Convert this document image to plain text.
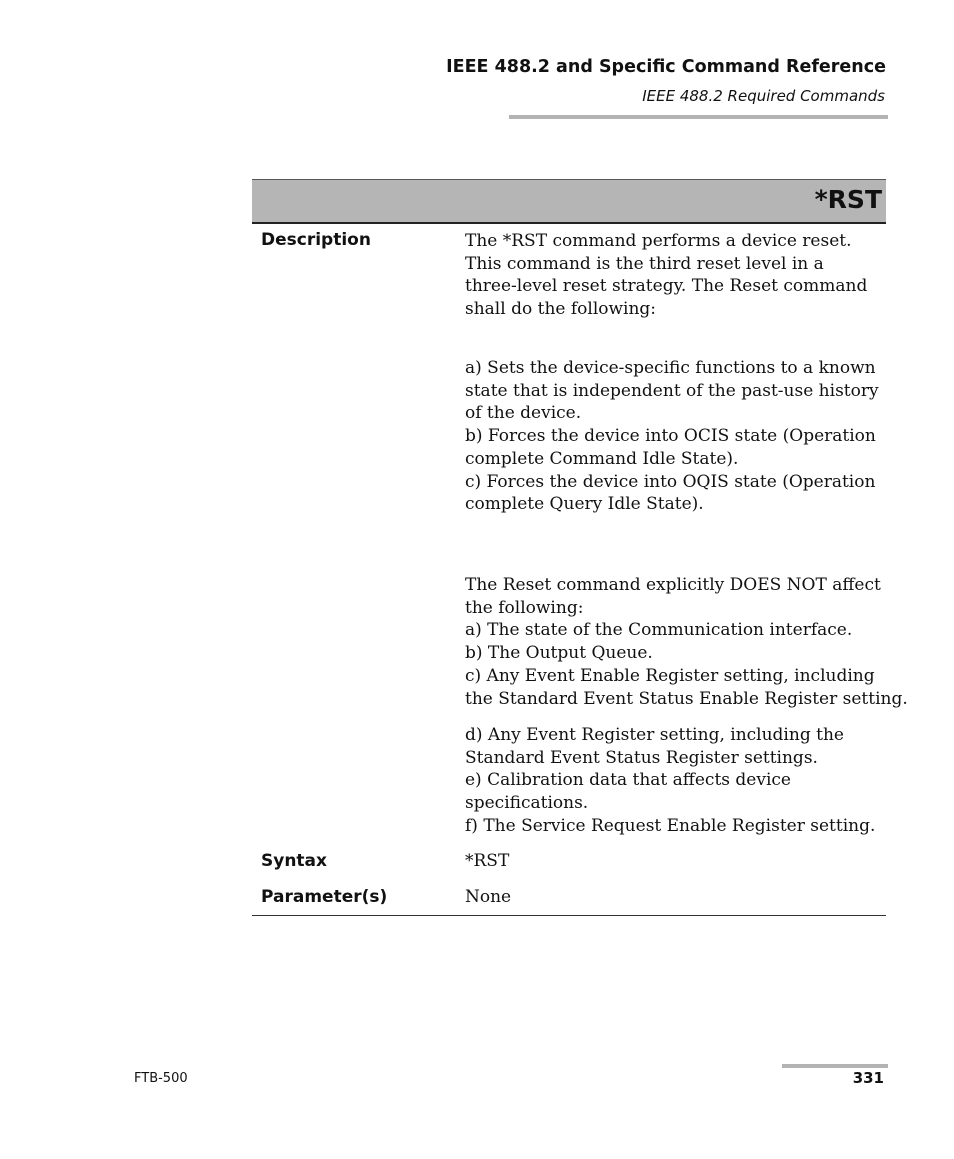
IEEE 488.2 and Specific Command Reference
IEEE 488.2 Required Commands
*RST
Description	The *RST command performs a device reset.
This command is the third reset level in a
three-level reset strategy. The Reset command
shall do the following:
a) Sets the device-specific functions to a known
state that is independent of the past-use history
of the device.
b) Forces the device into OCIS state (Operation
complete Command Idle State).
c) Forces the device into OQIS state (Operation
complete Query Idle State).
The Reset command explicitly DOES NOT affect
the following:
a) The state of the Communication interface.
b) The Output Queue.
c) Any Event Enable Register setting, including
the Standard Event Status Enable Register setting.
d) Any Event Register setting, including the
Standard Event Status Register settings.
e) Calibration data that affects device
specifications.
f) The Service Request Enable Register setting.
Syntax	*RST
Parameter(s)	None
FTB-500	331
